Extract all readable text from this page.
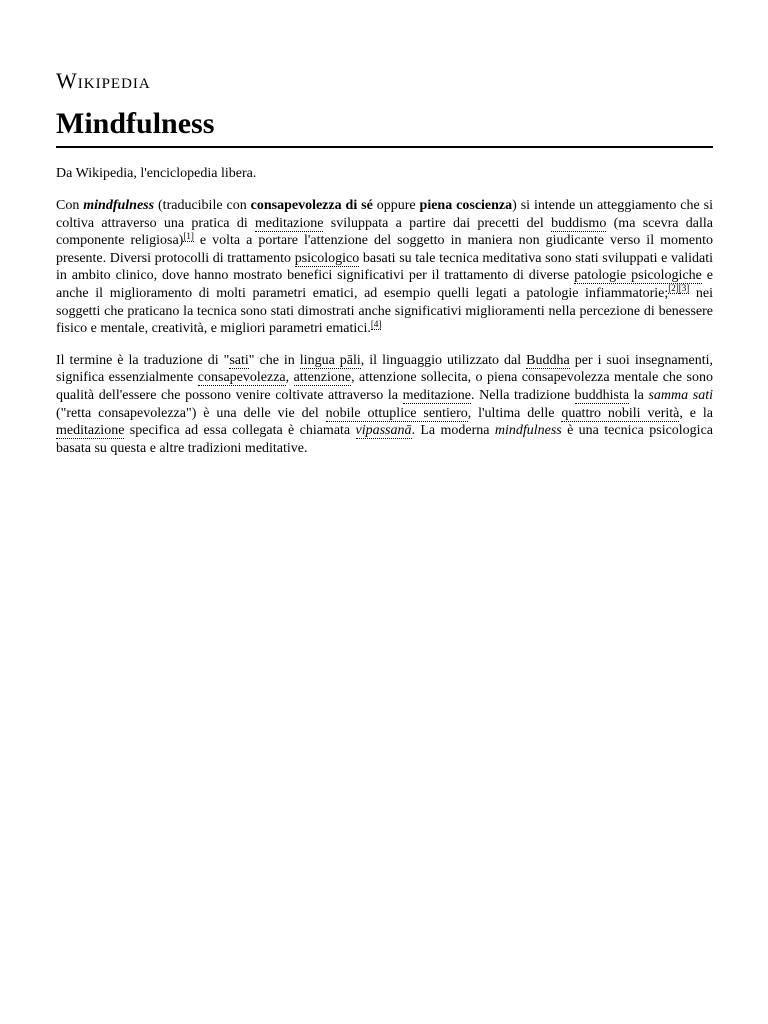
Wikipedia
Mindfulness
Da Wikipedia, l'enciclopedia libera.

Con mindfulness (traducibile con consapevolezza di sé oppure piena coscienza) si intende un atteggiamento che si coltiva attraverso una pratica di meditazione sviluppata a partire dai precetti del buddismo (ma scevra dalla componente religiosa)[1] e volta a portare l'attenzione del soggetto in maniera non giudicante verso il momento presente. Diversi protocolli di trattamento psicologico basati su tale tecnica meditativa sono stati sviluppati e validati in ambito clinico, dove hanno mostrato benefici significativi per il trattamento di diverse patologie psicologiche e anche il miglioramento di molti parametri ematici, ad esempio quelli legati a patologie infiammatorie;[2][3] nei soggetti che praticano la tecnica sono stati dimostrati anche significativi miglioramenti nella percezione di benessere fisico e mentale, creatività, e migliori parametri ematici.[4]

Il termine è la traduzione di "sati" che in lingua pāli, il linguaggio utilizzato dal Buddha per i suoi insegnamenti, significa essenzialmente consapevolezza, attenzione, attenzione sollecita, o piena consapevolezza mentale che sono qualità dell'essere che possono venire coltivate attraverso la meditazione. Nella tradizione buddhista la samma sati ("retta consapevolezza") è una delle vie del nobile ottuplice sentiero, l'ultima delle quattro nobili verità, e la meditazione specifica ad essa collegata è chiamata vipassanā. La moderna mindfulness è una tecnica psicologica basata su questa e altre tradizioni meditative.
